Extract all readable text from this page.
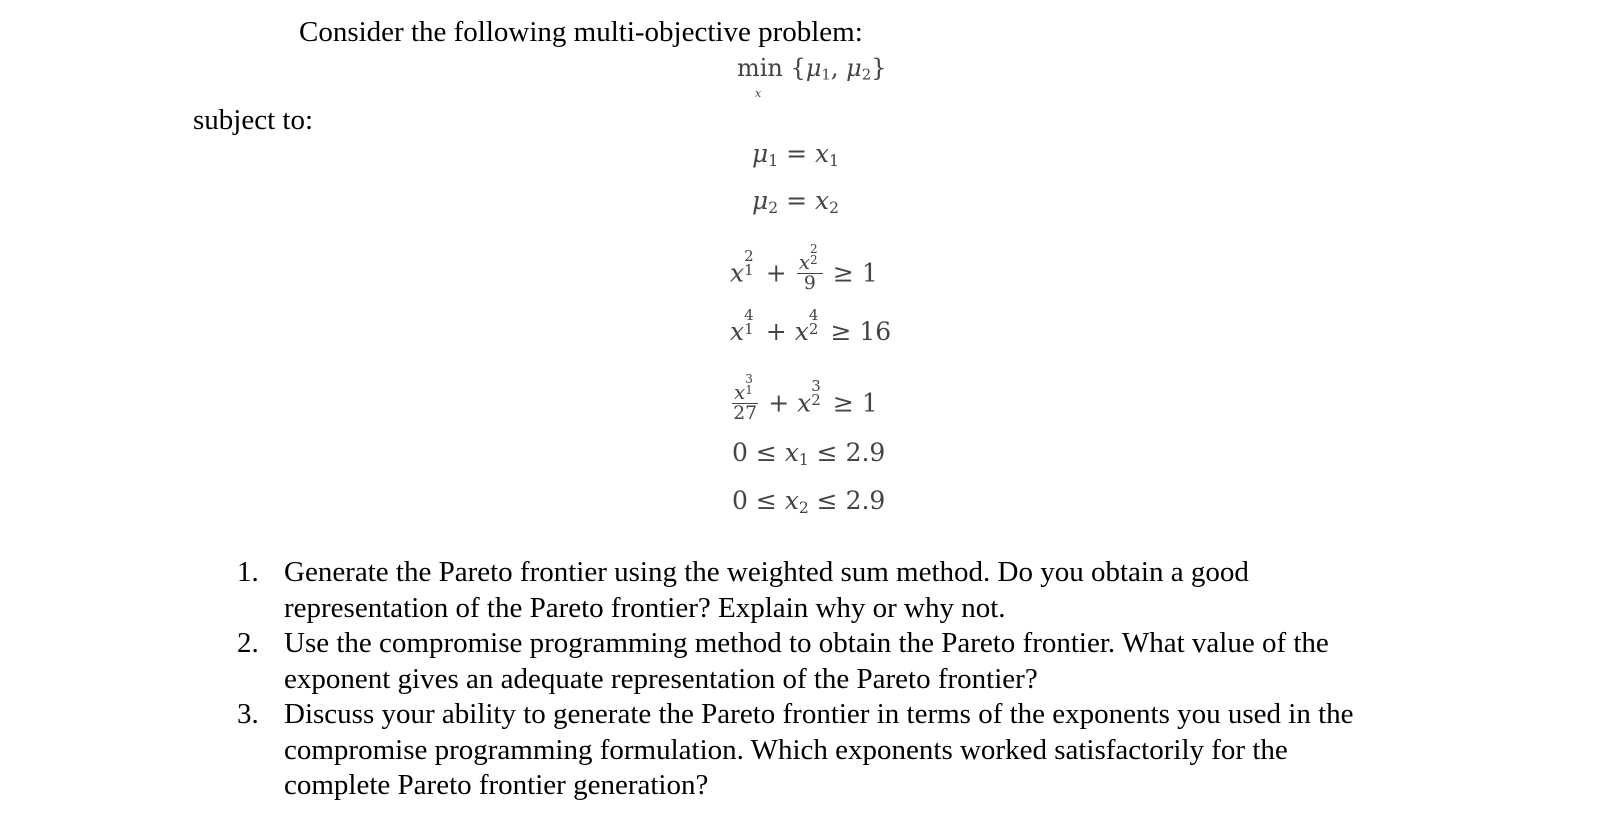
Consider the following multi-objective problem:
$\min \{\mu_1$, $\mu_2$}
x
subject to:
$\mu_1 = x_1$
$\mu_2 = x_2$
x
2
1 + x
2
2
9 ≥ 1
x
4
1 + x
4
2 ≥ 16
x
3
1
27 + x
3
2 ≥ 1
$0 \le x_1 \le 2.9$
$0 \le x_2 \le 2.9$
1. Generate the Pareto frontier using the weighted sum method. Do you obtain a good representation of the Pareto frontier? Explain why or why not.
2. Use the compromise programming method to obtain the Pareto frontier. What value of the exponent gives an adequate representation of the Pareto frontier?
3. Discuss your ability to generate the Pareto frontier in terms of the exponents you used in the compromise programming formulation. Which exponents worked satisfactorily for the complete Pareto frontier generation?
